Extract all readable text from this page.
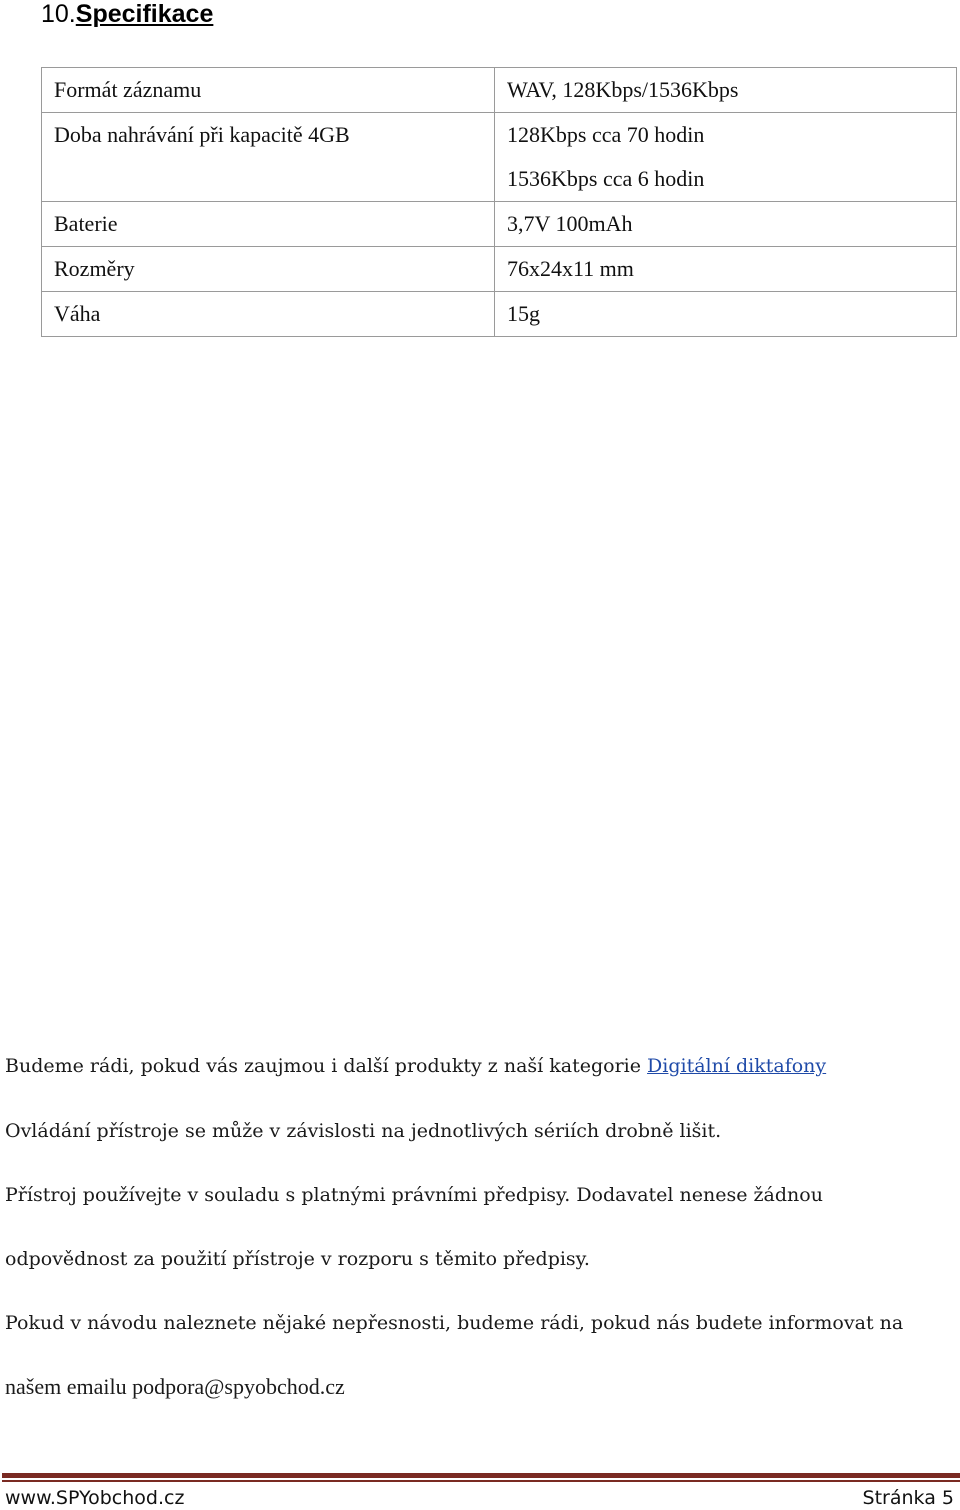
10.Specifikace
Formát záznamu	WAV, 128Kbps/1536Kbps

Doba nahrávání při kapacitě 4GB	128Kbps cca 70 hodin
1536Kbps cca 6 hodin

Baterie	3,7V 100mAh
Rozměry	76x24x11 mm
Váha	15g
Budeme rádi, pokud vás zaujmou i další produkty z naší kategorie Digitální diktafony
Ovládání přístroje se může v závislosti na jednotlivých sériích drobně lišit.
Přístroj používejte v souladu s platnými právními předpisy. Dodavatel nenese žádnou
odpovědnost za použití přístroje v rozporu s těmito předpisy.
Pokud v návodu naleznete nějaké nepřesnosti, budeme rádi, pokud nás budete informovat na
našem emailu podpora@spyobchod.cz
www.SPYobchod.cz	Stránka 5
